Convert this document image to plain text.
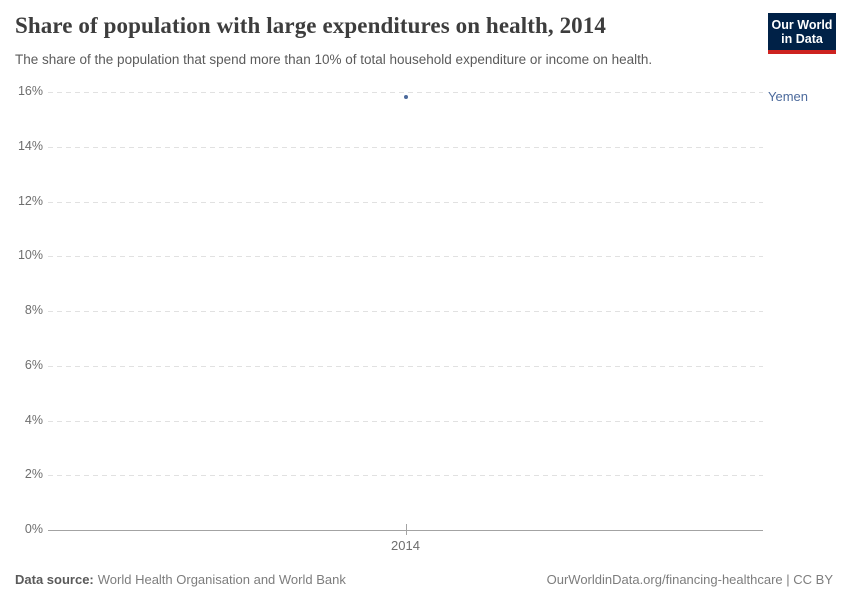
Share of population with large expenditures on health, 2014

The share of the population that spend more than 10% of total household expenditure or income on health.

Our World
in Data
0%
2%
4%
6%
8%
10%
12%
14%
16%
2014
Yemen
Data source: World Health Organisation and World Bank	OurWorldinData.org/financing-healthcare | CC BY
